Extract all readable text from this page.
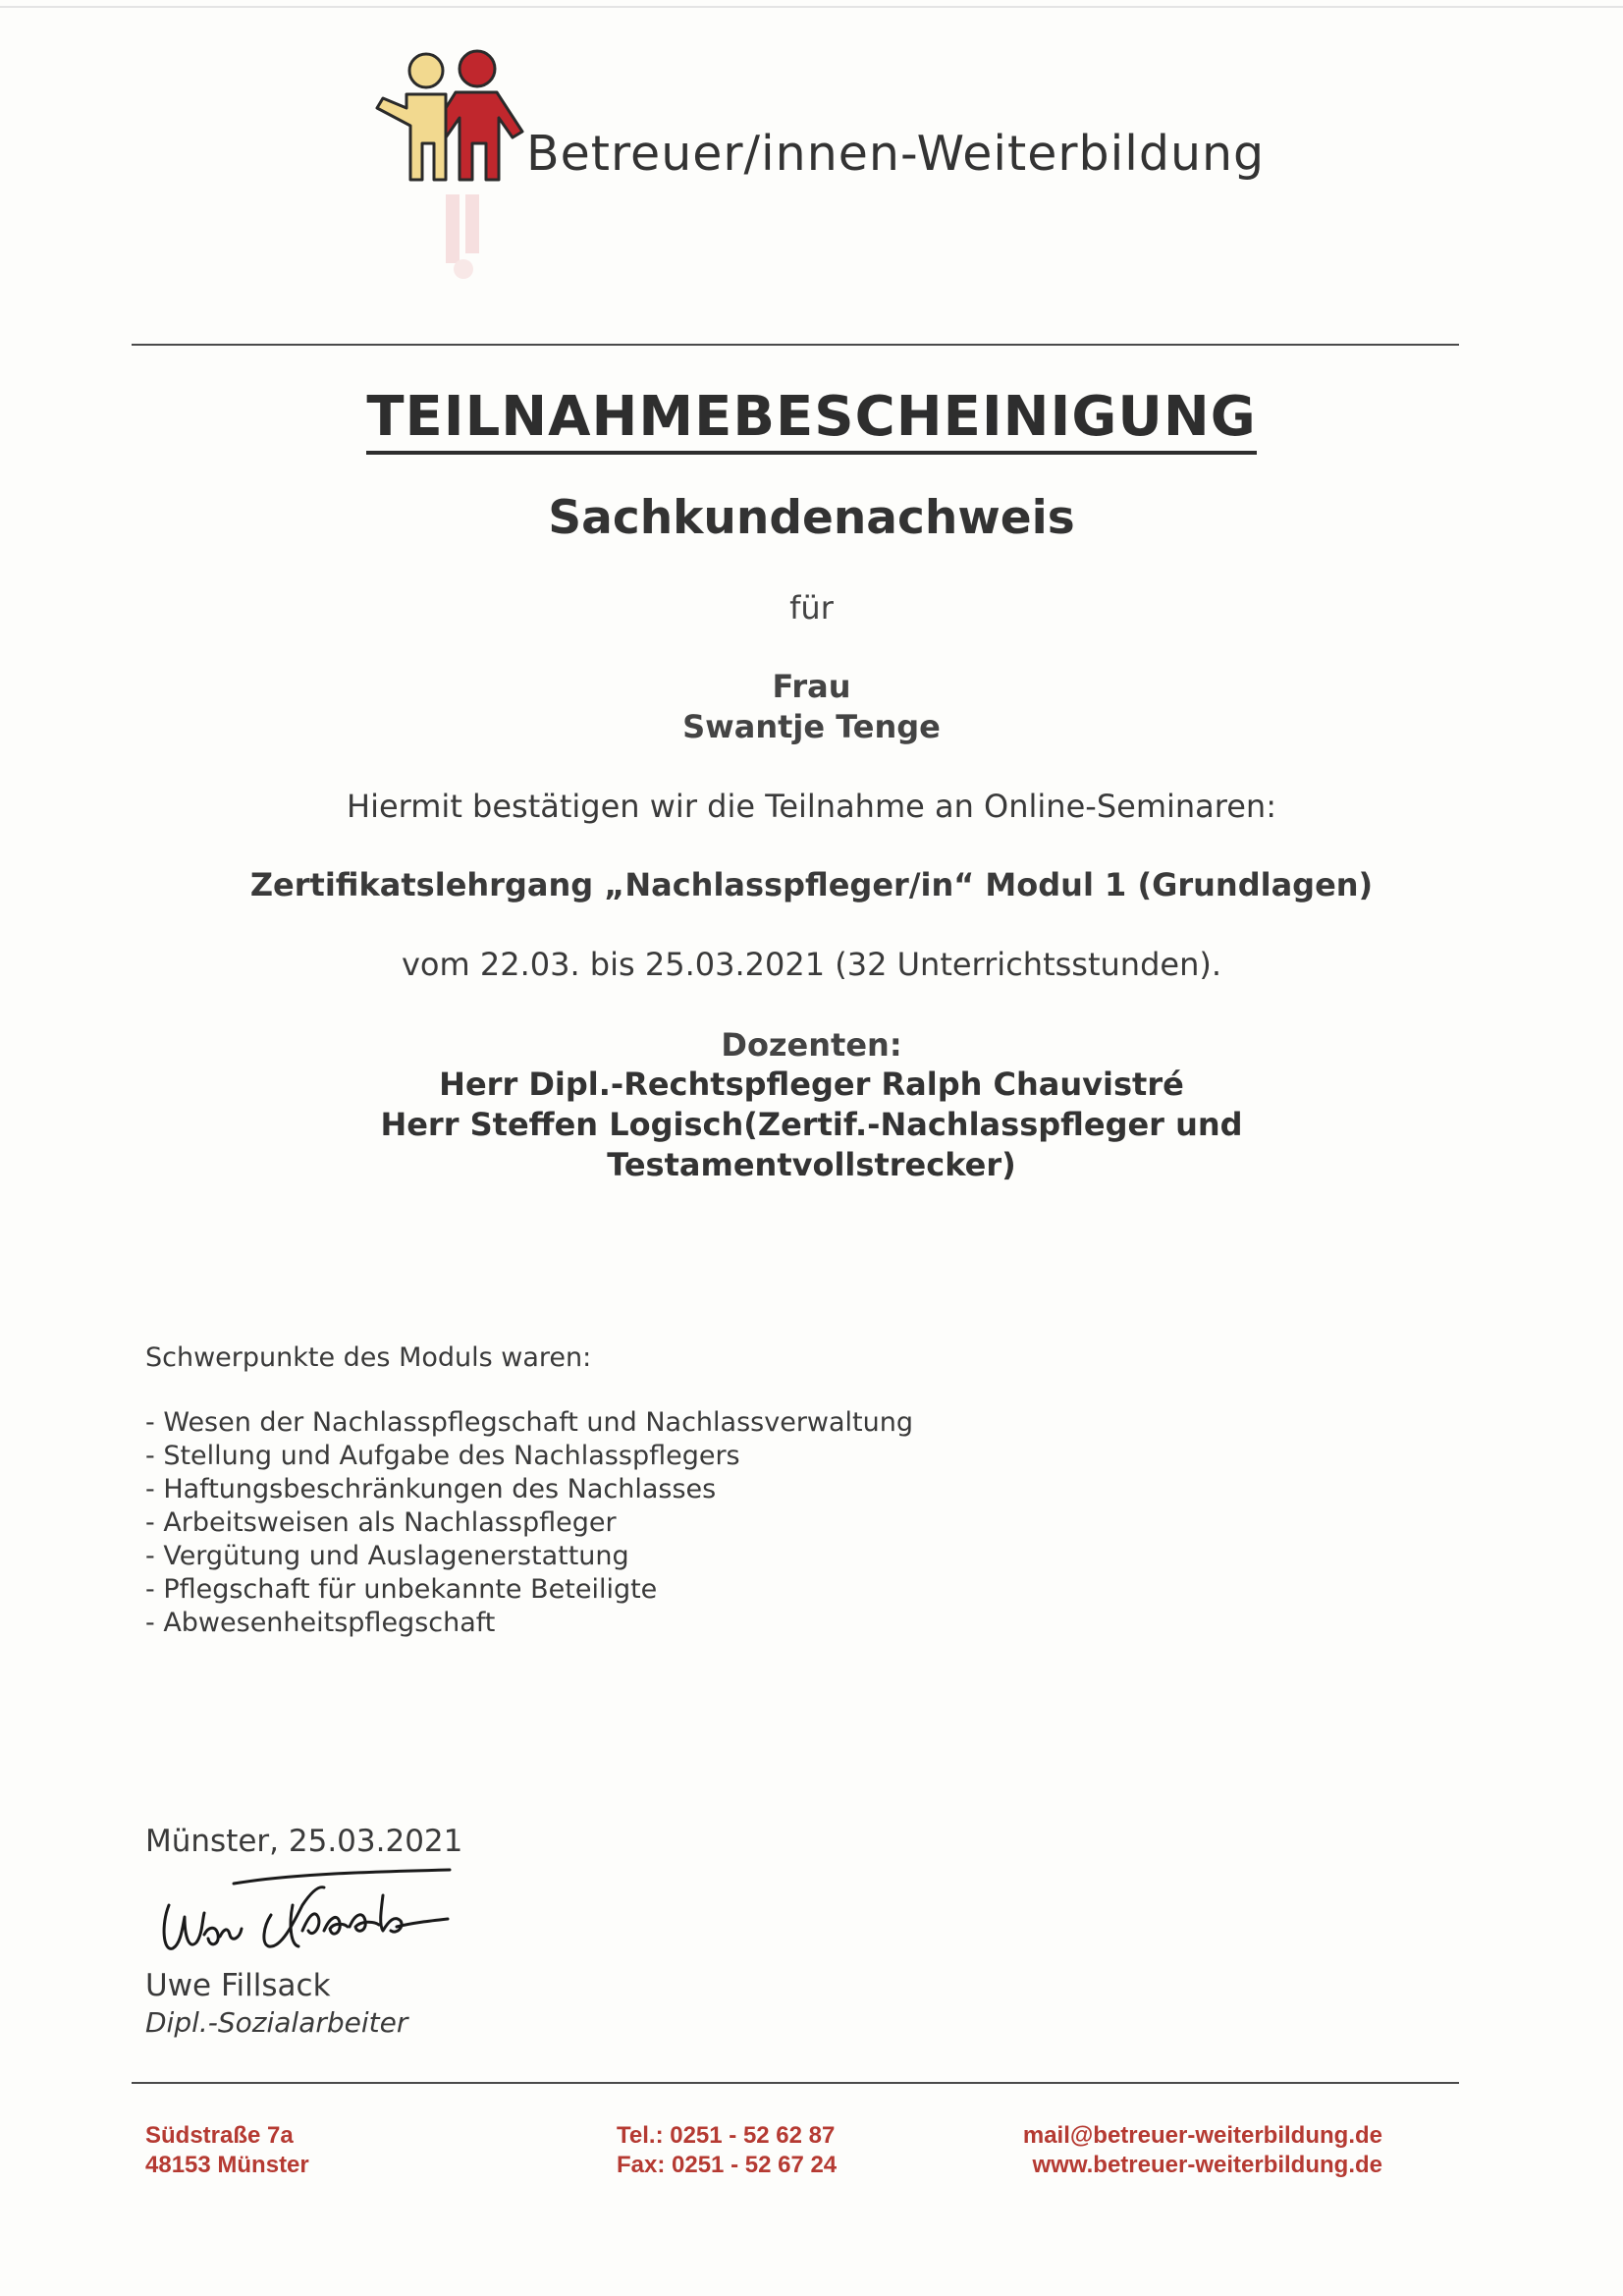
Betreuer/innen-Weiterbildung
TEILNAHMEBESCHEINIGUNG
Sachkundenachweis
für
Frau
Swantje Tenge
Hiermit bestätigen wir die Teilnahme an Online-Seminaren:
Zertifikatslehrgang „Nachlasspfleger/in“ Modul 1 (Grundlagen)
vom 22.03. bis 25.03.2021 (32 Unterrichtsstunden).
Dozenten:
Herr Dipl.-Rechtspfleger Ralph Chauvistré
Herr Steffen Logisch(Zertif.-Nachlasspfleger und
Testamentvollstrecker)
Schwerpunkte des Moduls waren:
- Wesen der Nachlasspflegschaft und Nachlassverwaltung
- Stellung und Aufgabe des Nachlasspflegers
- Haftungsbeschränkungen des Nachlasses
- Arbeitsweisen als Nachlasspfleger
- Vergütung und Auslagenerstattung
- Pflegschaft für unbekannte Beteiligte
- Abwesenheitspflegschaft
Münster, 25.03.2021
Uwe Fillsack
Dipl.-Sozialarbeiter
Südstraße 7a
48153 Münster
Tel.: 0251 - 52 62 87
Fax: 0251 - 52 67 24
mail@betreuer-weiterbildung.de
www.betreuer-weiterbildung.de
